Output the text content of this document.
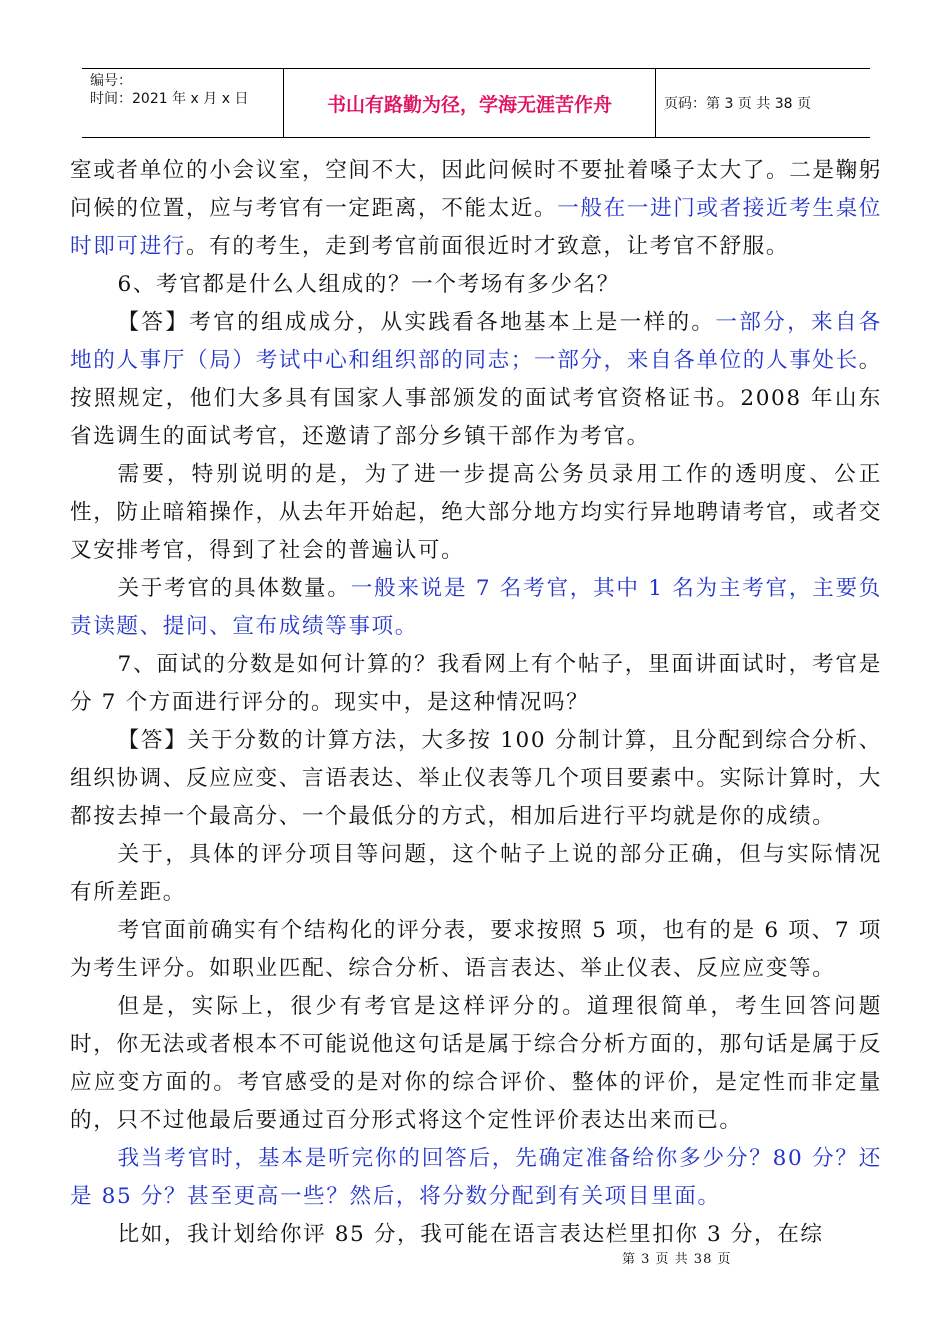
编号：
时间：2021 年 x 月 x 日	书山有路勤为径，学海无涯苦作舟	页码：第 3 页 共 38 页

室或者单位的小会议室，空间不大，因此问候时不要扯着嗓子太大了。二是鞠躬问候的位置，应与考官有一定距离，不能太近。一般在一进门或者接近考生桌位时即可进行。有的考生，走到考官前面很近时才致意，让考官不舒服。

6、考官都是什么人组成的？一个考场有多少名？

【答】考官的组成成分，从实践看各地基本上是一样的。一部分，来自各地的人事厅（局）考试中心和组织部的同志；一部分，来自各单位的人事处长。按照规定，他们大多具有国家人事部颁发的面试考官资格证书。2008 年山东省选调生的面试考官，还邀请了部分乡镇干部作为考官。

需要，特别说明的是，为了进一步提高公务员录用工作的透明度、公正性，防止暗箱操作，从去年开始起，绝大部分地方均实行异地聘请考官，或者交叉安排考官，得到了社会的普遍认可。

关于考官的具体数量。一般来说是 7 名考官，其中 1 名为主考官，主要负责读题、提问、宣布成绩等事项。

7、面试的分数是如何计算的？我看网上有个帖子，里面讲面试时，考官是分 7 个方面进行评分的。现实中，是这种情况吗？

【答】关于分数的计算方法，大多按 100 分制计算，且分配到综合分析、组织协调、反应应变、言语表达、举止仪表等几个项目要素中。实际计算时，大都按去掉一个最高分、一个最低分的方式，相加后进行平均就是你的成绩。

关于，具体的评分项目等问题，这个帖子上说的部分正确，但与实际情况有所差距。

考官面前确实有个结构化的评分表，要求按照 5 项，也有的是 6 项、7 项为考生评分。如职业匹配、综合分析、语言表达、举止仪表、反应应变等。

但是，实际上，很少有考官是这样评分的。道理很简单，考生回答问题时，你无法或者根本不可能说他这句话是属于综合分析方面的，那句话是属于反应应变方面的。考官感受的是对你的综合评价、整体的评价，是定性而非定量的，只不过他最后要通过百分形式将这个定性评价表达出来而已。

我当考官时，基本是听完你的回答后，先确定准备给你多少分？80 分？还是 85 分？甚至更高一些？然后，将分数分配到有关项目里面。

比如，我计划给你评 85 分，我可能在语言表达栏里扣你 3 分，在综

第 3 页 共 38 页
